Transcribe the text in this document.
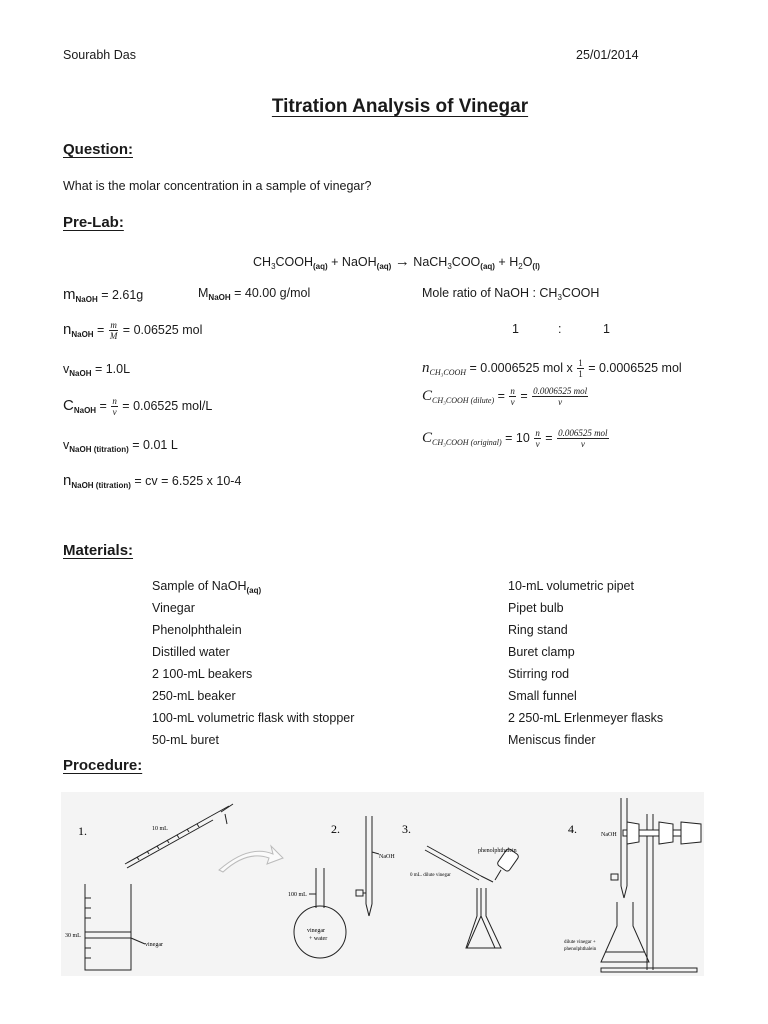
Sourabh Das	25/01/2014
Titration Analysis of Vinegar
Question:
What is the molar concentration in a sample of vinegar?
Pre-Lab:
$CH_3COOH_{(aq)}$ + NaOH$_{(aq)}$ → $NaCH_3COO_{(aq)} + H_2O_{(l)}$
$m_{NaOH} = 2.61g$	$M_{NaOH} = 40.00$ g/mol
$n_{NaOH} = \frac{m}{M} = 0.06525$ mol
$v_{NaOH} = 1.0L$
$C_{NaOH} = \frac{n}{v} = 0.06525$ mol/L
$v_{NaOH (titration)} = 0.01$ L
$n_{NaOH (titration)}$ = cv = 6.525 x 10-4
Mole ratio of NaOH : $CH_3COOH$
1	:	1
$n_{CH_3COOH} = 0.0006525$ mol x $\frac{1}{1} = 0.0006525$ mol
$C_{CH_3COOH (dilute)} = \frac{n}{v} = \frac{\text{0.0006525 mol}}{v}$
$C_{CH_3COOH (original)} = 10 \frac{n}{v} = \frac{\text{0.006525 mol}}{v}$
Materials:
Sample of NaOH$_{(aq)}$
Vinegar
Phenolphthalein
Distilled water
2 100-mL beakers
250-mL beaker
100-mL volumetric flask with stopper
50-mL buret
10-mL volumetric pipet
Pipet bulb
Ring stand
Buret clamp
Stirring rod
Small funnel
2 250-mL Erlenmeyer flasks
Meniscus finder
Procedure:
1.	2.	3.	4.
10 mL
30 mL
vinegar
100 mL
vinegar
+ water
NaOH
0 mL. dilute vinegar
phenolphthalein
NaOH
dilute vinegar +
phenolphthalein
